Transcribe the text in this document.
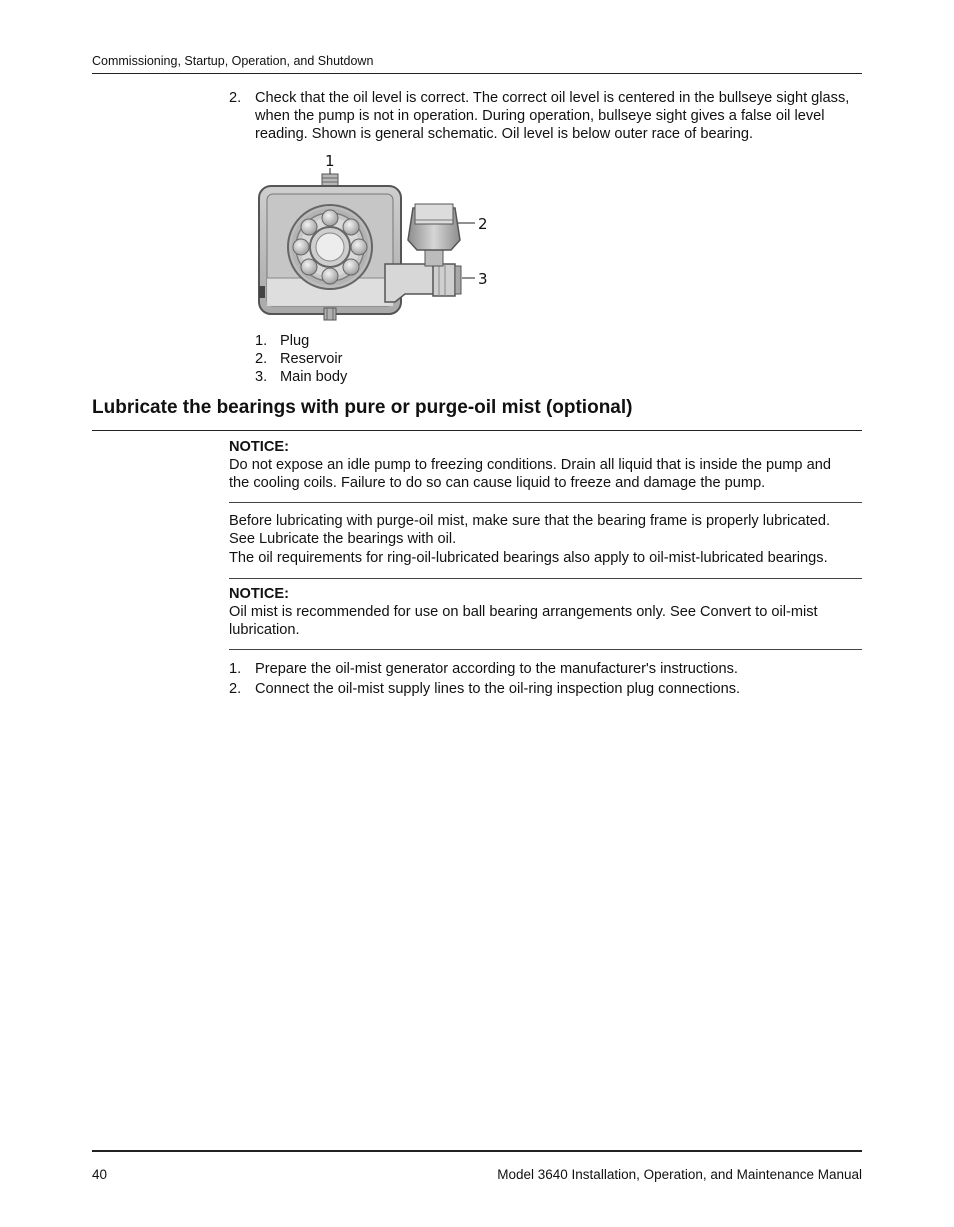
Commissioning, Startup, Operation, and Shutdown
2. Check that the oil level is correct. The correct oil level is centered in the bullseye sight glass, when the pump is not in operation. During operation, bullseye sight gives a false oil level reading. Shown is general schematic. Oil level is below outer race of bearing.
1
2
3
1. Plug
2. Reservoir
3. Main body
Lubricate the bearings with pure or purge-oil mist (optional)
NOTICE:
Do not expose an idle pump to freezing conditions. Drain all liquid that is inside the pump and the cooling coils. Failure to do so can cause liquid to freeze and damage the pump.
Before lubricating with purge-oil mist, make sure that the bearing frame is properly lubricated. See Lubricate the bearings with oil.
The oil requirements for ring-oil-lubricated bearings also apply to oil-mist-lubricated bearings.
NOTICE:
Oil mist is recommended for use on ball bearing arrangements only. See Convert to oil-mist lubrication.
1. Prepare the oil-mist generator according to the manufacturer's instructions.
2. Connect the oil-mist supply lines to the oil-ring inspection plug connections.
40	Model 3640 Installation, Operation, and Maintenance Manual
